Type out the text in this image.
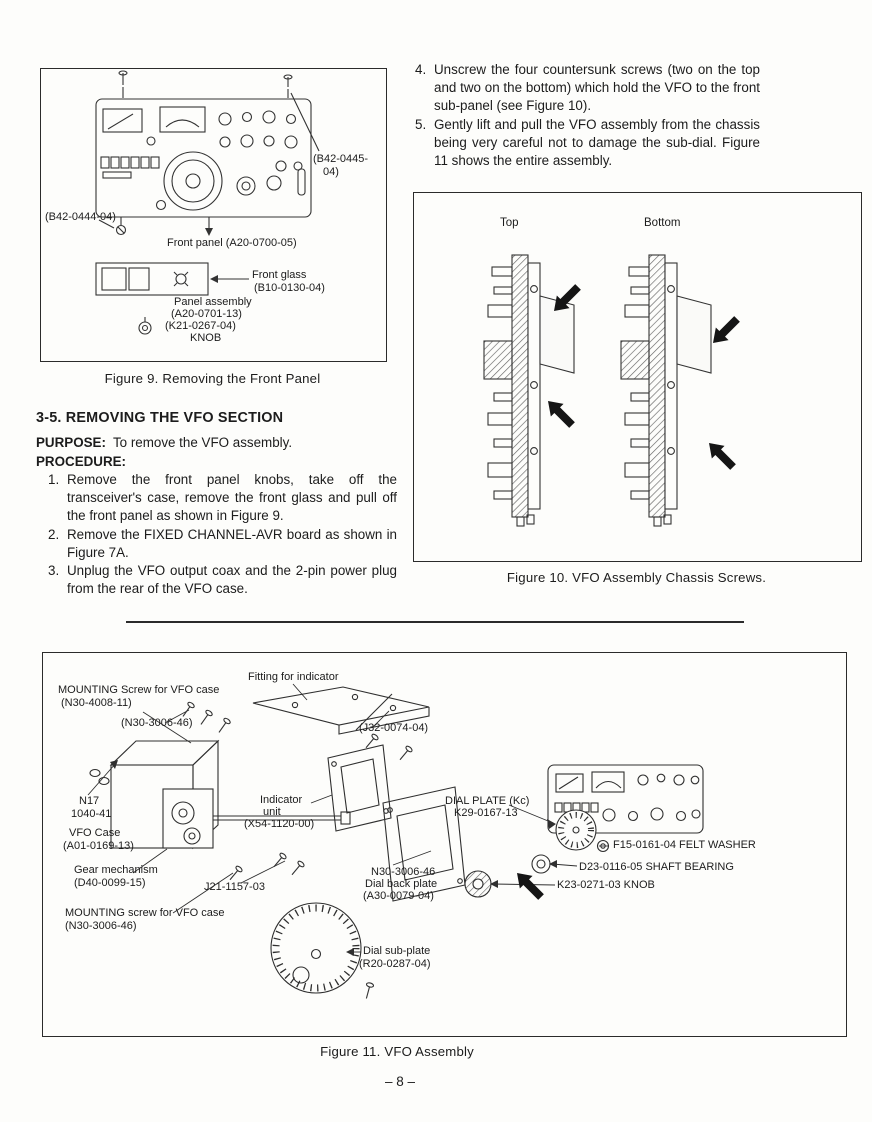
(B42-0445-
04)
(B42-0444-04)
Front panel (A20-0700-05)
Front glass
(B10-0130-04)
Panel assembly
(A20-0701-13)
(K21-0267-04)
KNOB
Figure 9. Removing the Front Panel
4. Unscrew the four countersunk screws (two on the top and two on the bottom) which hold the VFO to the front sub-panel (see Figure 10).
5. Gently lift and pull the VFO assembly from the chassis being very careful not to damage the sub-dial. Figure 11 shows the entire assembly.
Top	Bottom
Figure 10. VFO Assembly Chassis Screws.
3-5. REMOVING THE VFO SECTION
PURPOSE: To remove the VFO assembly.
PROCEDURE:
1. Remove the front panel knobs, take off the transceiver's case, remove the front glass and pull off the front panel as shown in Figure 9.
2. Remove the FIXED CHANNEL-AVR board as shown in Figure 7A.
3. Unplug the VFO output coax and the 2-pin power plug from the rear of the VFO case.
Fitting for indicator
MOUNTING Screw for VFO case
(N30-4008-11)
(N30-3006-46)	(J32-0074-04)
N17
1040-41
Indicator
unit
(X54-1120-00)
VFO Case
(A01-0169-13)
Gear mechanism
(D40-0099-15)	J21-1157-03
N30-3006-46
Dial back plate
(A30-0079-04)
MOUNTING screw for VFO case
(N30-3006-46)
Dial sub-plate
(R20-0287-04)
DIAL PLATE (Kc)
K29-0167-13
F15-0161-04 FELT WASHER
D23-0116-05 SHAFT BEARING
K23-0271-03 KNOB
Figure 11. VFO Assembly
– 8 –
